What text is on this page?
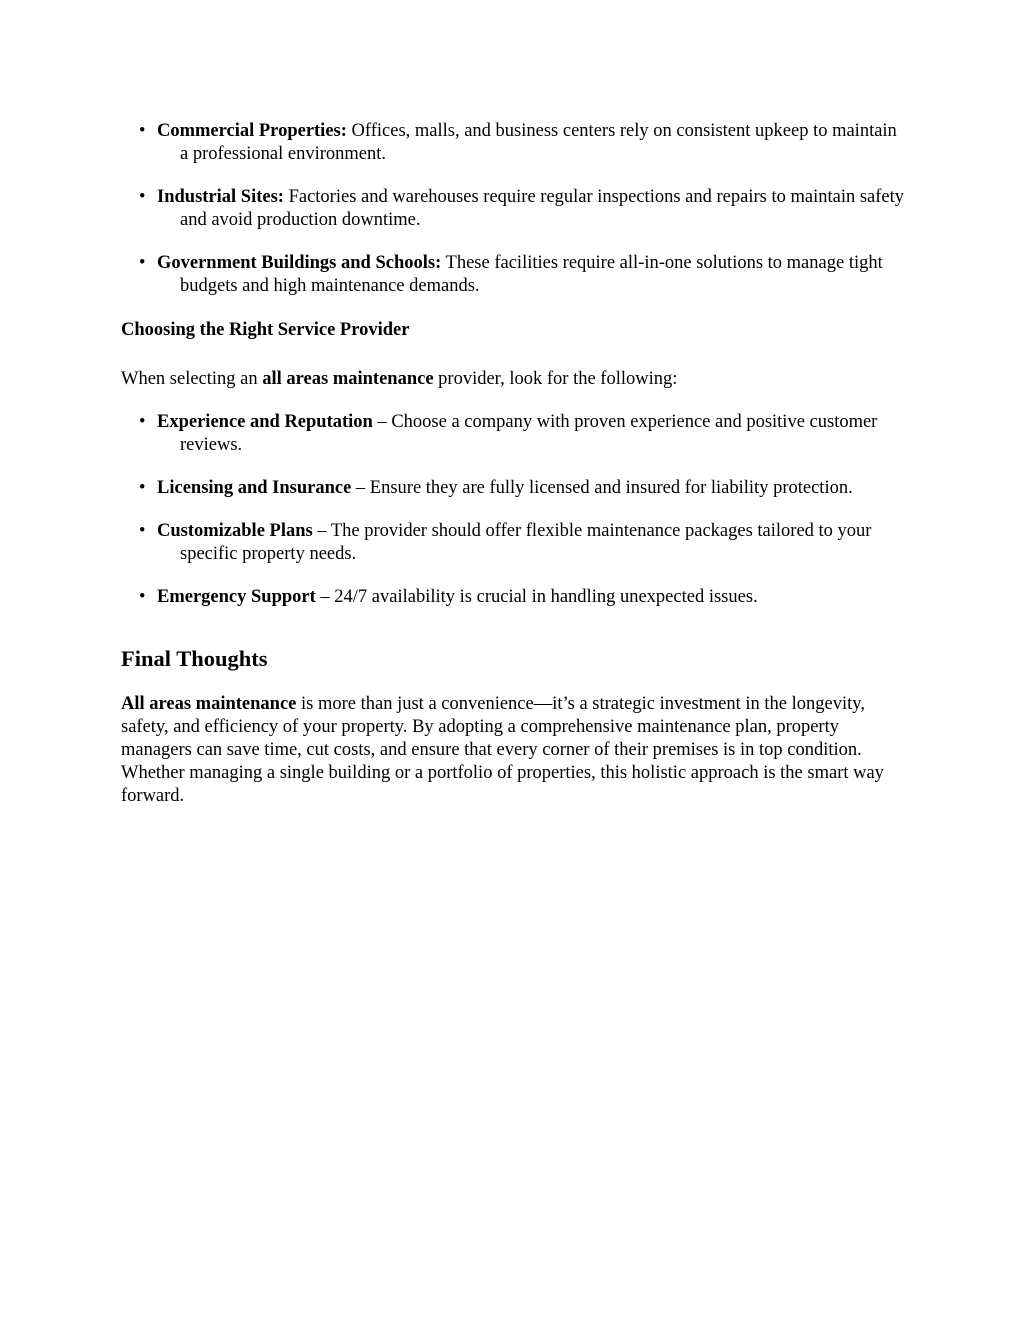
• Commercial Properties: Offices, malls, and business centers rely on consistent upkeep to maintain a professional environment.
• Industrial Sites: Factories and warehouses require regular inspections and repairs to maintain safety and avoid production downtime.
• Government Buildings and Schools: These facilities require all-in-one solutions to manage tight budgets and high maintenance demands.
Choosing the Right Service Provider

When selecting an all areas maintenance provider, look for the following:

• Experience and Reputation – Choose a company with proven experience and positive customer reviews.
• Licensing and Insurance – Ensure they are fully licensed and insured for liability protection.
• Customizable Plans – The provider should offer flexible maintenance packages tailored to your specific property needs.
• Emergency Support – 24/7 availability is crucial in handling unexpected issues.
Final Thoughts

All areas maintenance is more than just a convenience—it’s a strategic investment in the longevity, safety, and efficiency of your property. By adopting a comprehensive maintenance plan, property managers can save time, cut costs, and ensure that every corner of their premises is in top condition. Whether managing a single building or a portfolio of properties, this holistic approach is the smart way forward.
